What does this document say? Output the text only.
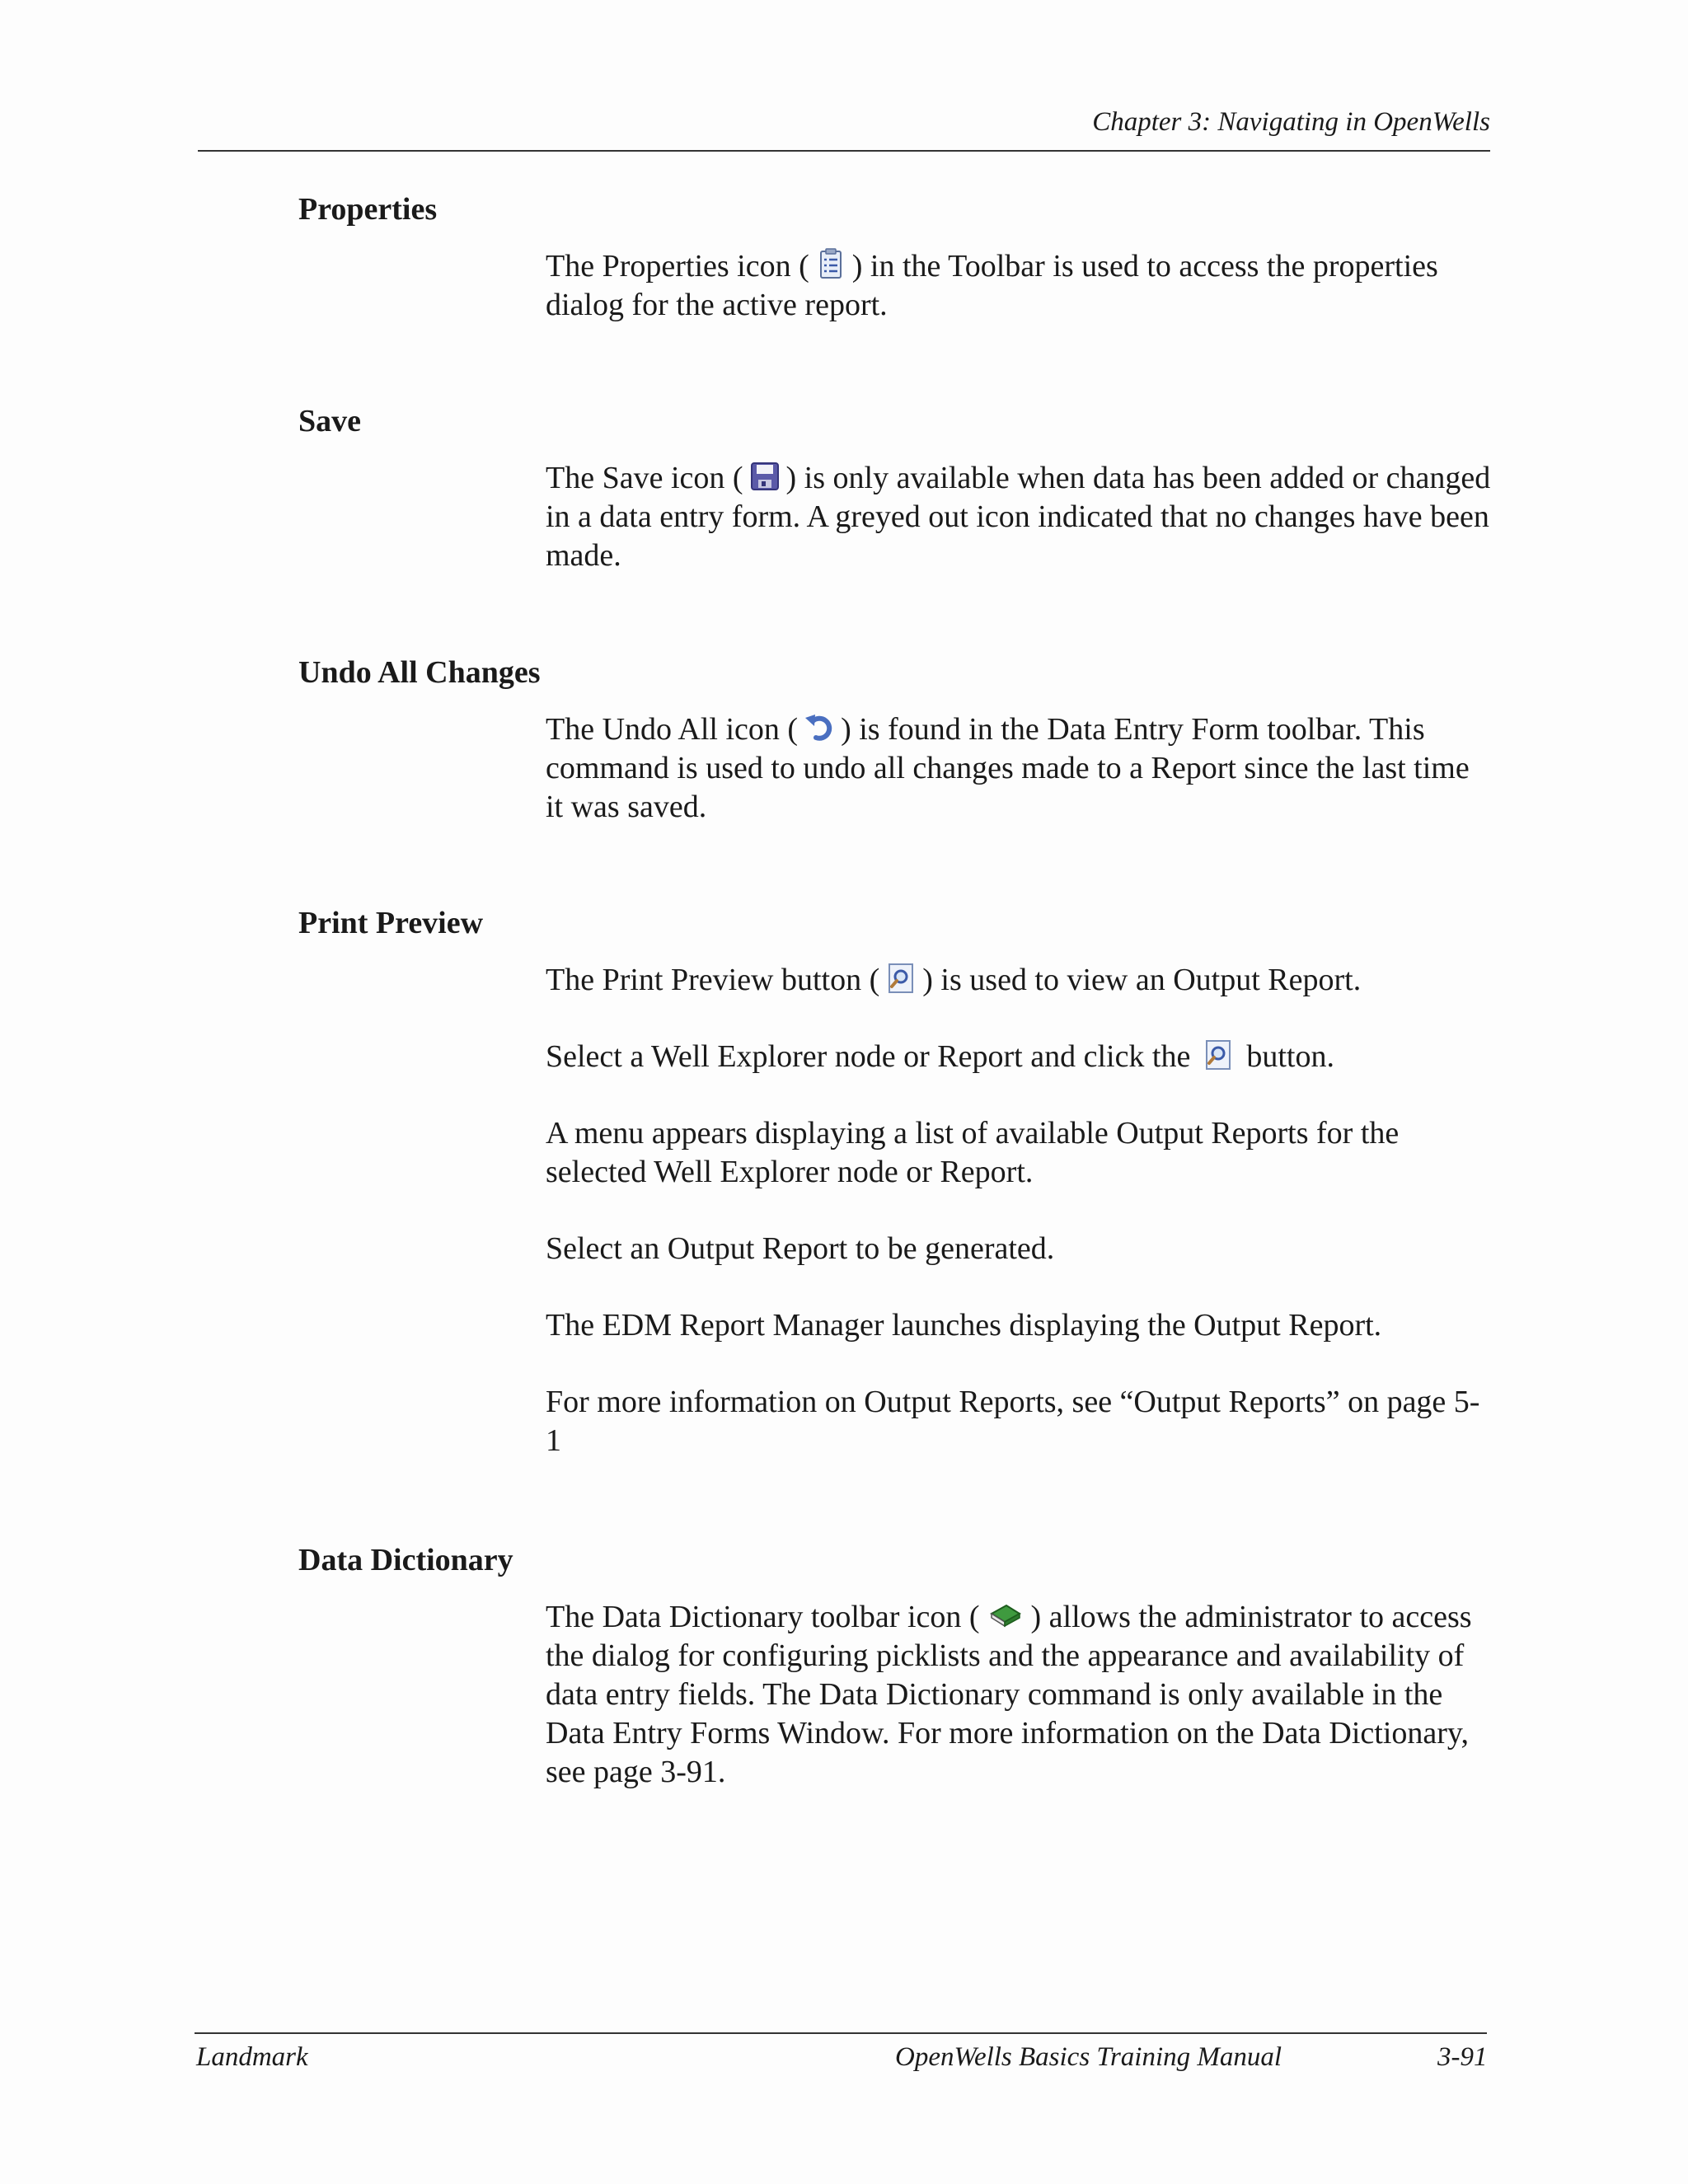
Chapter 3: Navigating in OpenWells
Properties

The Properties icon ( ) in the Toolbar is used to access the properties dialog for the active report.

Save

The Save icon ( ) is only available when data has been added or changed in a data entry form. A greyed out icon indicated that no changes have been made.

Undo All Changes

The Undo All icon ( ) is found in the Data Entry Form toolbar. This command is used to undo all changes made to a Report since the last time it was saved.

Print Preview

The Print Preview button ( ) is used to view an Output Report.

Select a Well Explorer node or Report and click the button.

A menu appears displaying a list of available Output Reports for the selected Well Explorer node or Report.

Select an Output Report to be generated.

The EDM Report Manager launches displaying the Output Report.

For more information on Output Reports, see “Output Reports” on page 5-1

Data Dictionary

The Data Dictionary toolbar icon ( ) allows the administrator to access the dialog for configuring picklists and the appearance and availability of data entry fields. The Data Dictionary command is only available in the Data Entry Forms Window. For more information on the Data Dictionary, see page 3-91.

Landmark	OpenWells Basics Training Manual	3-91
